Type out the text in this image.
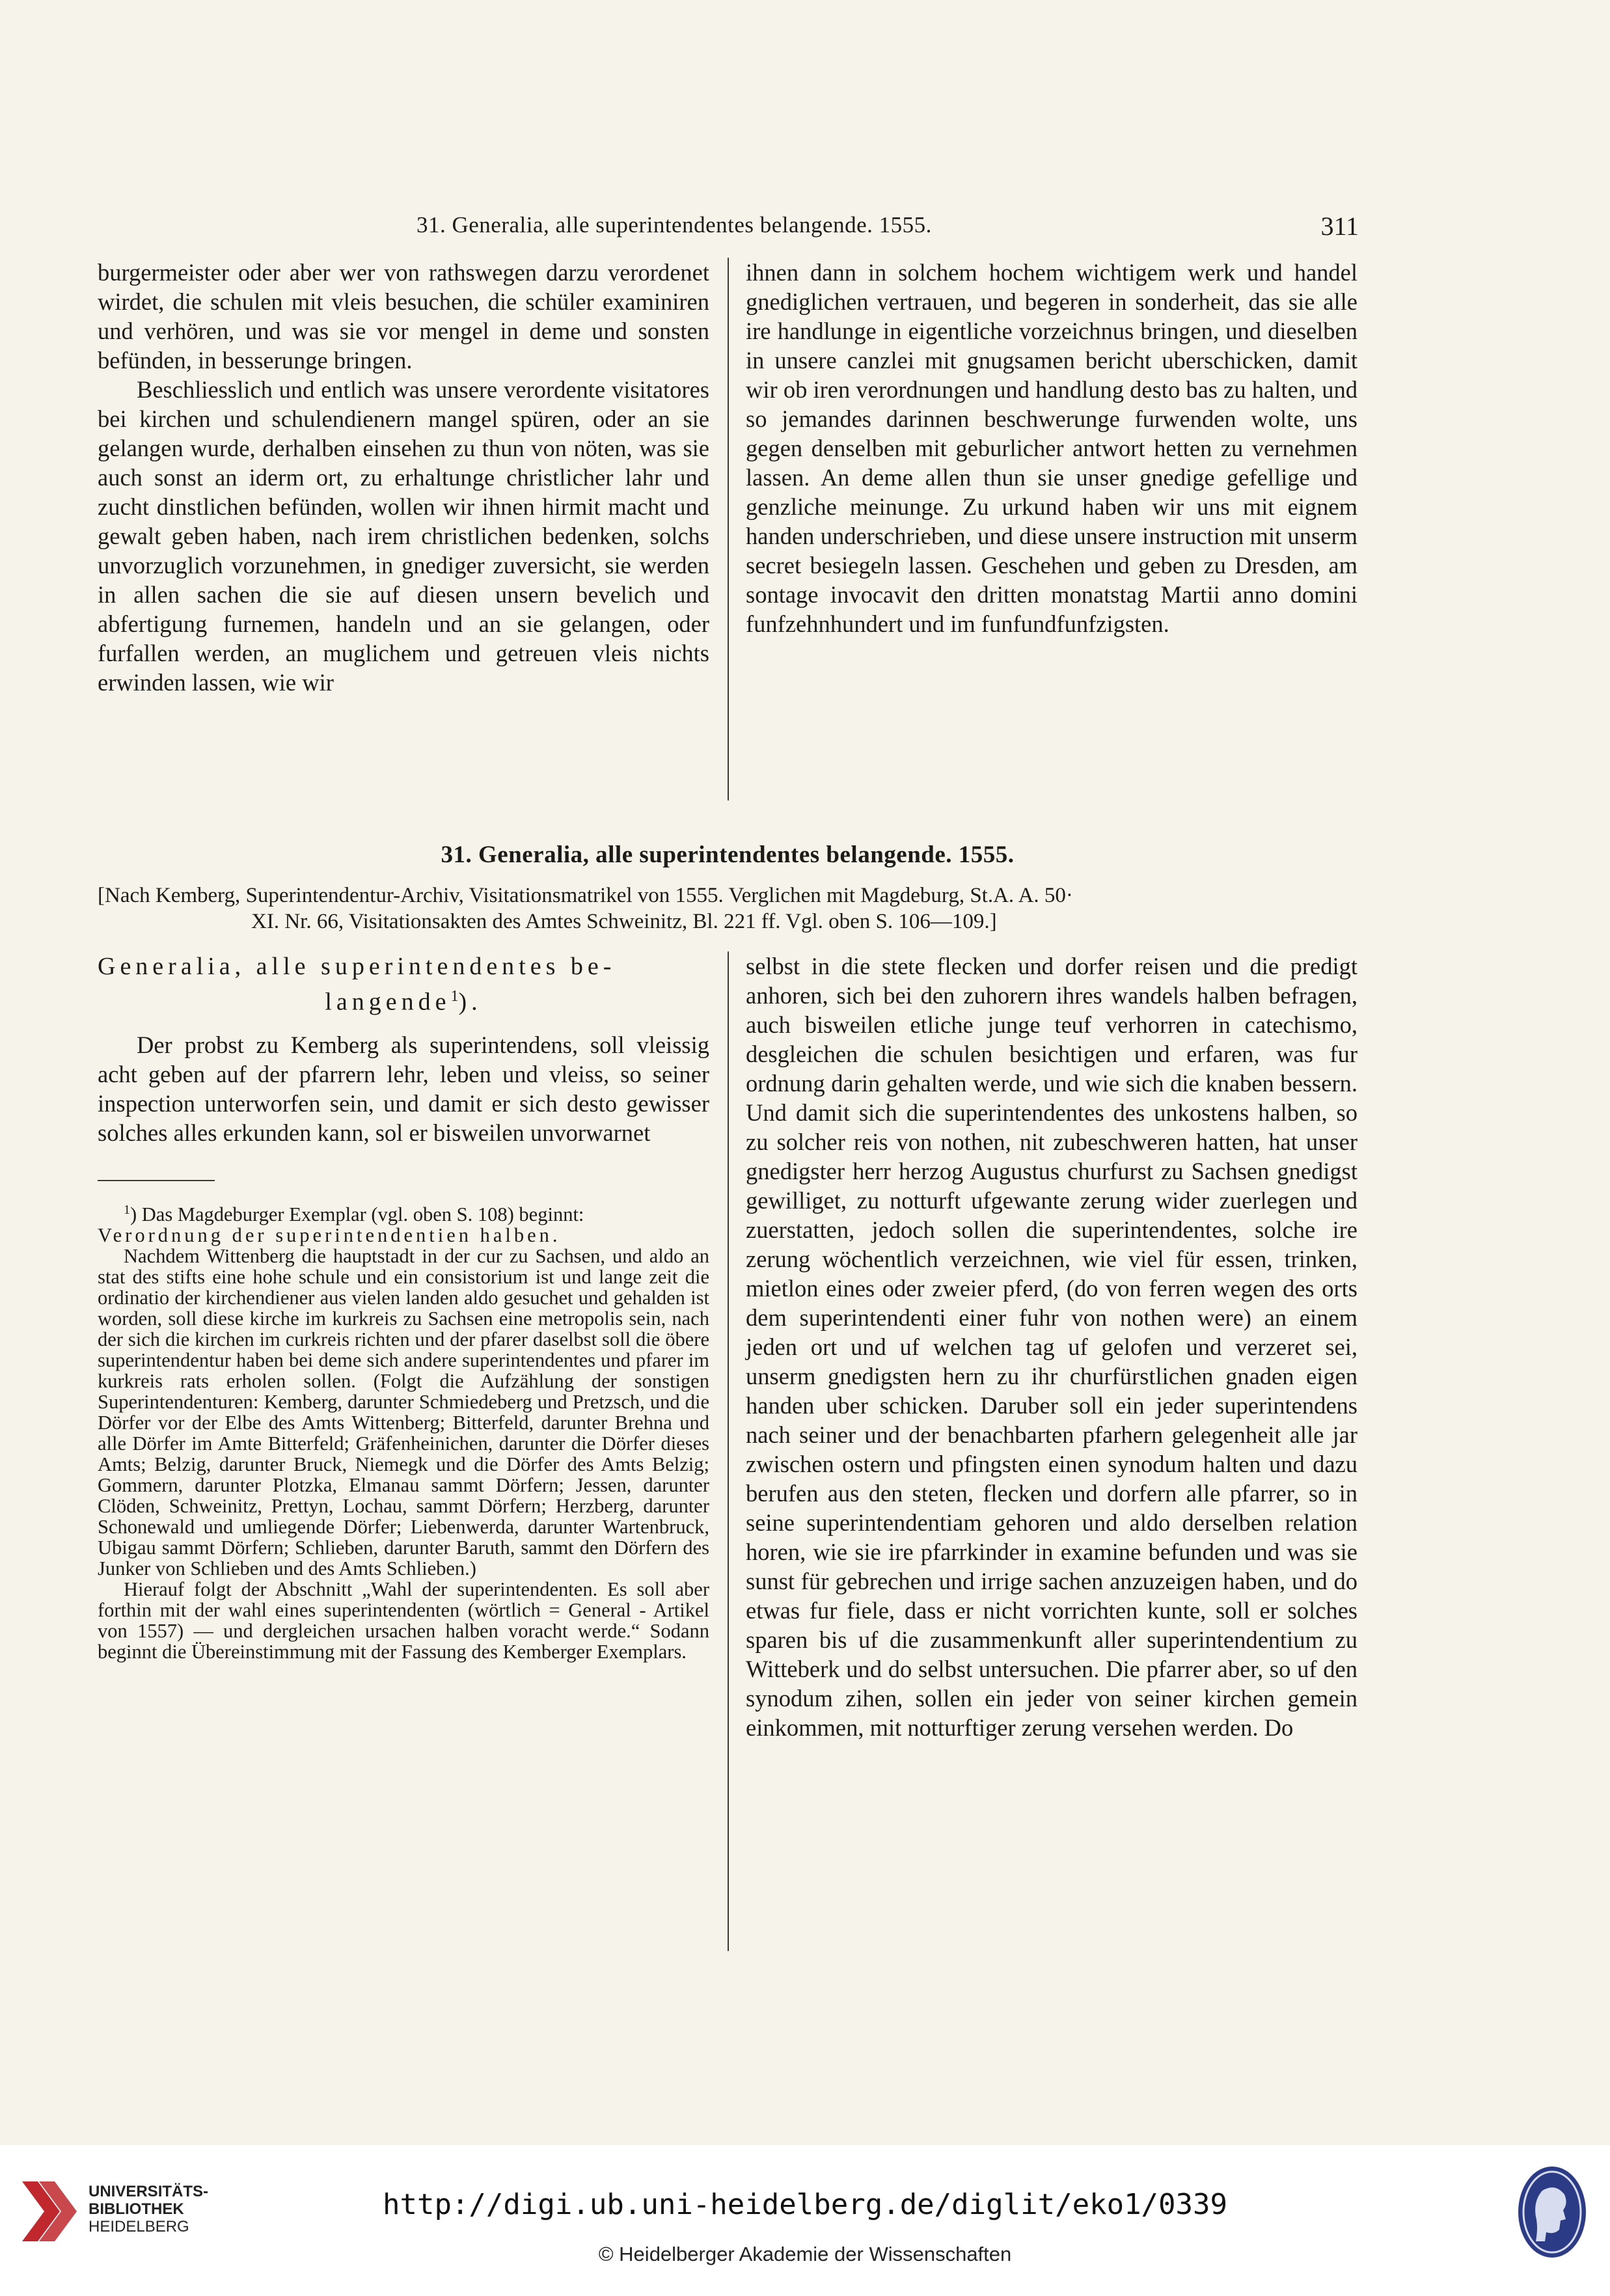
31. Generalia, alle superintendentes belangende. 1555.	311

burgermeister oder aber wer von rathswegen darzu verordenet wirdet, die schulen mit vleis besuchen, die schüler examiniren und verhören, und was sie vor mengel in deme und sonsten befünden, in besserunge bringen.

Beschliesslich und entlich was unsere verordente visitatores bei kirchen und schulendienern mangel spüren, oder an sie gelangen wurde, derhalben einsehen zu thun von nöten, was sie auch sonst an iderm ort, zu erhaltunge christlicher lahr und zucht dinstlichen befünden, wollen wir ihnen hirmit macht und gewalt geben haben, nach irem christlichen bedenken, solchs unvorzuglich vorzunehmen, in gnediger zuversicht, sie werden in allen sachen die sie auf diesen unsern bevelich und abfertigung furnemen, handeln und an sie gelangen, oder furfallen werden, an muglichem und getreuen vleis nichts erwinden lassen, wie wir

ihnen dann in solchem hochem wichtigem werk und handel gnediglichen vertrauen, und begeren in sonderheit, das sie alle ire handlunge in eigentliche vorzeichnus bringen, und dieselben in unsere canzlei mit gnugsamen bericht uberschicken, damit wir ob iren verordnungen und handlung desto bas zu halten, und so jemandes darinnen beschwerunge furwenden wolte, uns gegen denselben mit geburlicher antwort hetten zu vernehmen lassen. An deme allen thun sie unser gnedige gefellige und genzliche meinunge. Zu urkund haben wir uns mit eignem handen underschrieben, und diese unsere instruction mit unserm secret besiegeln lassen. Geschehen und geben zu Dresden, am sontage invocavit den dritten monatstag Martii anno domini funfzehnhundert und im funfundfunfzigsten.

31. Generalia, alle superintendentes belangende. 1555.
[Nach Kemberg, Superintendentur-Archiv, Visitationsmatrikel von 1555. Verglichen mit Magdeburg, St.A. A. 50·
XI. Nr. 66, Visitationsakten des Amtes Schweinitz, Bl. 221 ff. Vgl. oben S. 106—109.]
Generalia, alle superintendentes be-
langende$^1$).

Der probst zu Kemberg als superintendens, soll vleissig acht geben auf der pfarrern lehr, leben und vleiss, so seiner inspection unterworfen sein, und damit er sich desto gewisser solches alles erkunden kann, sol er bisweilen unvorwarnet

$^1$) Das Magdeburger Exemplar (vgl. oben S. 108) beginnt:

Verordnung der superintendentien halben.

Nachdem Wittenberg die hauptstadt in der cur zu Sachsen, und aldo an stat des stifts eine hohe schule und ein consistorium ist und lange zeit die ordinatio der kirchendiener aus vielen landen aldo gesuchet und gehalden ist worden, soll diese kirche im kurkreis zu Sachsen eine metropolis sein, nach der sich die kirchen im curkreis richten und der pfarer daselbst soll die öbere superintendentur haben bei deme sich andere superintendentes und pfarer im kurkreis rats erholen sollen. (Folgt die Aufzählung der sonstigen Superintendenturen: Kemberg, darunter Schmiedeberg und Pretzsch, und die Dörfer vor der Elbe des Amts Wittenberg; Bitterfeld, darunter Brehna und alle Dörfer im Amte Bitterfeld; Gräfenheinichen, darunter die Dörfer dieses Amts; Belzig, darunter Bruck, Niemegk und die Dörfer des Amts Belzig; Gommern, darunter Plotzka, Elmanau sammt Dörfern; Jessen, darunter Clöden, Schweinitz, Prettyn, Lochau, sammt Dörfern; Herzberg, darunter Schonewald und umliegende Dörfer; Liebenwerda, darunter Wartenbruck, Ubigau sammt Dörfern; Schlieben, darunter Baruth, sammt den Dörfern des Junker von Schlieben und des Amts Schlieben.)

Hierauf folgt der Abschnitt „Wahl der superintendenten. Es soll aber forthin mit der wahl eines superintendenten (wörtlich = General - Artikel von 1557) — und dergleichen ursachen halben voracht werde.“ Sodann beginnt die Übereinstimmung mit der Fassung des Kemberger Exemplars.

selbst in die stete flecken und dorfer reisen und die predigt anhoren, sich bei den zuhorern ihres wandels halben befragen, auch bisweilen etliche junge teuf verhorren in catechismo, desgleichen die schulen besichtigen und erfaren, was fur ordnung darin gehalten werde, und wie sich die knaben bessern. Und damit sich die superintendentes des unkostens halben, so zu solcher reis von nothen, nit zubeschweren hatten, hat unser gnedigster herr herzog Augustus churfurst zu Sachsen gnedigst gewilliget, zu notturft ufgewante zerung wider zuerlegen und zuerstatten, jedoch sollen die superintendentes, solche ire zerung wöchentlich verzeichnen, wie viel für essen, trinken, mietlon eines oder zweier pferd, (do von ferren wegen des orts dem superintendenti einer fuhr von nothen were) an einem jeden ort und uf welchen tag uf gelofen und verzeret sei, unserm gnedigsten hern zu ihr churfürstlichen gnaden eigen handen uber schicken. Daruber soll ein jeder superintendens nach seiner und der benachbarten pfarhern gelegenheit alle jar zwischen ostern und pfingsten einen synodum halten und dazu berufen aus den steten, flecken und dorfern alle pfarrer, so in seine superintendentiam gehoren und aldo derselben relation horen, wie sie ire pfarrkinder in examine befunden und was sie sunst für gebrechen und irrige sachen anzuzeigen haben, und do etwas fur fiele, dass er nicht vorrichten kunte, soll er solches sparen bis uf die zusammenkunft aller superintendentium zu Witteberk und do selbst untersuchen. Die pfarrer aber, so uf den synodum zihen, sollen ein jeder von seiner kirchen gemein einkommen, mit notturftiger zerung versehen werden. Do

UNIVERSITÄTS-
BIBLIOTHEK
HEIDELBERG
http://digi.ub.uni-heidelberg.de/diglit/eko1/0339
© Heidelberger Akademie der Wissenschaften
